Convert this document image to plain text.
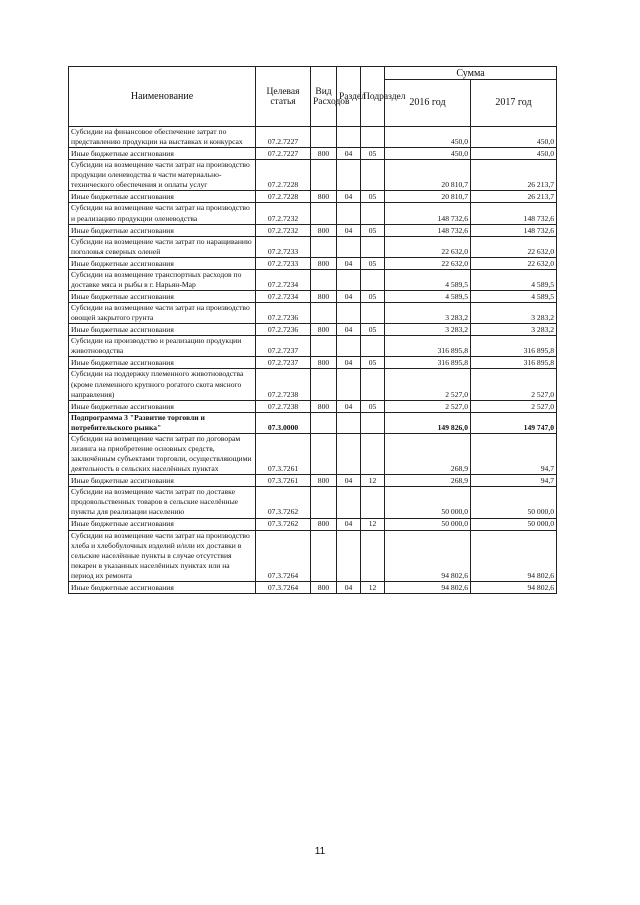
Наименование	Целевая статья	Вид Расходов	Раздел	Подраздел	Сумма	
					2016 год	2017 год
Субсидии на финансовое обеспечение затрат по представлению продукции на выставках и конкурсах	07.2.7227				450,0	450,0
Иные бюджетные ассигнования	07.2.7227	800	04	05	450,0	450,0
Субсидии на возмещение части затрат на производство продукции оленеводства в части материально-технического обеспечения и оплаты услуг	07.2.7228				20 810,7	26 213,7
Иные бюджетные ассигнования	07.2.7228	800	04	05	20 810,7	26 213,7
Субсидии на возмещение части затрат на производство и реализацию продукции оленеводства	07.2.7232				148 732,6	148 732,6
Иные бюджетные ассигнования	07.2.7232	800	04	05	148 732,6	148 732,6
Субсидии на возмещение части затрат по наращиванию поголовья северных оленей	07.2.7233				22 632,0	22 632,0
Иные бюджетные ассигнования	07.2.7233	800	04	05	22 632,0	22 632,0
Субсидии на возмещение транспортных расходов по доставке мяса и рыбы в г. Нарьян-Мар	07.2.7234				4 589,5	4 589,5
Иные бюджетные ассигнования	07.2.7234	800	04	05	4 589,5	4 589,5
Субсидии на возмещение части затрат на производство овощей закрытого грунта	07.2.7236				3 283,2	3 283,2
Иные бюджетные ассигнования	07.2.7236	800	04	05	3 283,2	3 283,2
Субсидии на производство и реализацию продукции животноводства	07.2.7237				316 895,8	316 895,8
Иные бюджетные ассигнования	07.2.7237	800	04	05	316 895,8	316 895,8
Субсидии на поддержку племенного животноводства (кроме племенного крупного рогатого скота мясного направления)	07.2.7238				2 527,0	2 527,0
Иные бюджетные ассигнования	07.2.7238	800	04	05	2 527,0	2 527,0
Подпрограмма 3 "Развитие торговли и потребительского рынка"	07.3.0000				149 826,0	149 747,0
Субсидии на возмещение части затрат по договорам лизинга на приобретение основных средств, заключённым субъектами торговли, осуществляющими деятельность в сельских населённых пунктах	07.3.7261				268,9	94,7
Иные бюджетные ассигнования	07.3.7261	800	04	12	268,9	94,7
Субсидии на возмещение части затрат по доставке продовольственных товаров в сельские населённые пункты для реализации населению	07.3.7262				50 000,0	50 000,0
Иные бюджетные ассигнования	07.3.7262	800	04	12	50 000,0	50 000,0
Субсидии на возмещение части затрат на производство хлеба и хлебобулочных изделий и/или их доставки в сельские населённые пункты в случае отсутствия пекарен в указанных населённых пунктах или на период их ремонта	07.3.7264				94 802,6	94 802,6
Иные бюджетные ассигнования	07.3.7264	800	04	12	94 802,6	94 802,6
11
